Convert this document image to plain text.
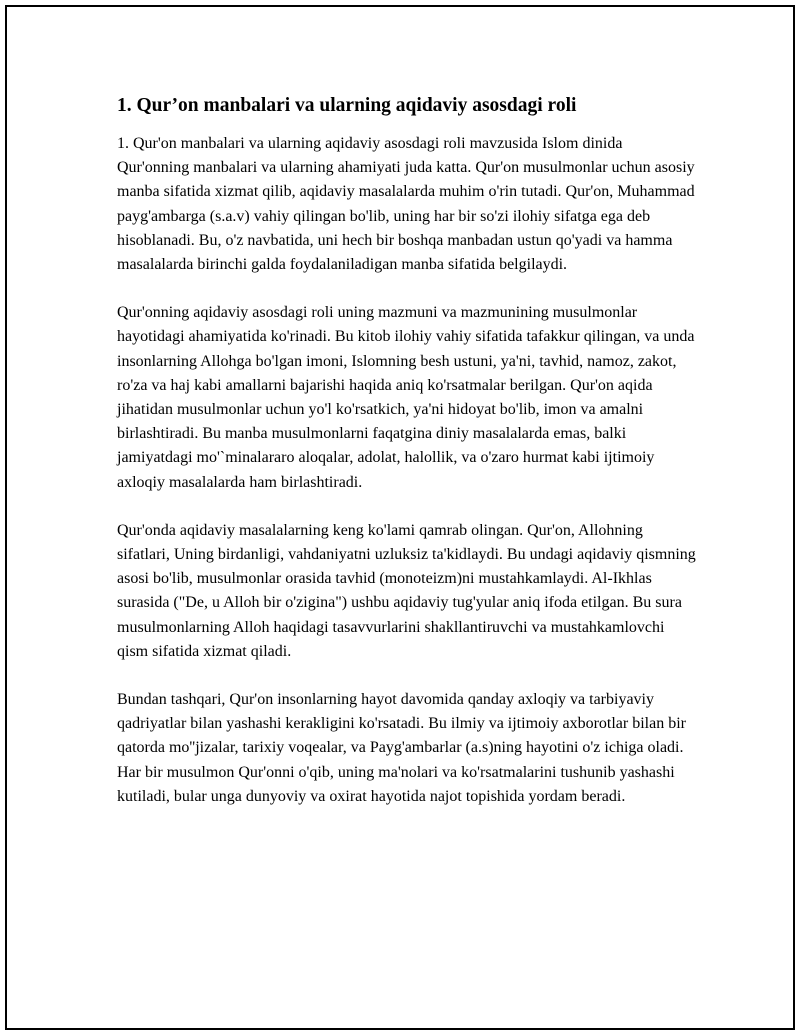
1. Qur’on manbalari va ularning aqidaviy asosdagi roli

1. Qur'on manbalari va ularning aqidaviy asosdagi roli mavzusida Islom dinida Qur'onning manbalari va ularning ahamiyati juda katta. Qur'on musulmonlar uchun asosiy manba sifatida xizmat qilib, aqidaviy masalalarda muhim o'rin tutadi. Qur'on, Muhammad payg'ambarga (s.a.v) vahiy qilingan bo'lib, uning har bir so'zi ilohiy sifatga ega deb hisoblanadi. Bu, o'z navbatida, uni hech bir boshqa manbadan ustun qo'yadi va hamma masalalarda birinchi galda foydalaniladigan manba sifatida belgilaydi.

Qur'onning aqidaviy asosdagi roli uning mazmuni va mazmunining musulmonlar hayotidagi ahamiyatida ko'rinadi. Bu kitob ilohiy vahiy sifatida tafakkur qilingan, va unda insonlarning Allohga bo'lgan imoni, Islomning besh ustuni, ya'ni, tavhid, namoz, zakot, ro'za va haj kabi amallarni bajarishi haqida aniq ko'rsatmalar berilgan. Qur'on aqida jihatidan musulmonlar uchun yo'l ko'rsatkich, ya'ni hidoyat bo'lib, imon va amalni birlashtiradi. Bu manba musulmonlarni faqatgina diniy masalalarda emas, balki jamiyatdagi mo'`minalararo aloqalar, adolat, halollik, va o'zaro hurmat kabi ijtimoiy axloqiy masalalarda ham birlashtiradi.

Qur'onda aqidaviy masalalarning keng ko'lami qamrab olingan. Qur'on, Allohning sifatlari, Uning birdanligi, vahdaniyatni uzluksiz ta'kidlaydi. Bu undagi aqidaviy qismning asosi bo'lib, musulmonlar orasida tavhid (monoteizm)ni mustahkamlaydi. Al-Ikhlas surasida ("De, u Alloh bir o'zigina") ushbu aqidaviy tug'yular aniq ifoda etilgan. Bu sura musulmonlarning Alloh haqidagi tasavvurlarini shakllantiruvchi va mustahkamlovchi qism sifatida xizmat qiladi.

Bundan tashqari, Qur'on insonlarning hayot davomida qanday axloqiy va tarbiyaviy qadriyatlar bilan yashashi kerakligini ko'rsatadi. Bu ilmiy va ijtimoiy axborotlar bilan bir qatorda mo''jizalar, tarixiy voqealar, va Payg'ambarlar (a.s)ning hayotini o'z ichiga oladi. Har bir musulmon Qur'onni o'qib, uning ma'nolari va ko'rsatmalarini tushunib yashashi kutiladi, bular unga dunyoviy va oxirat hayotida najot topishida yordam beradi.
